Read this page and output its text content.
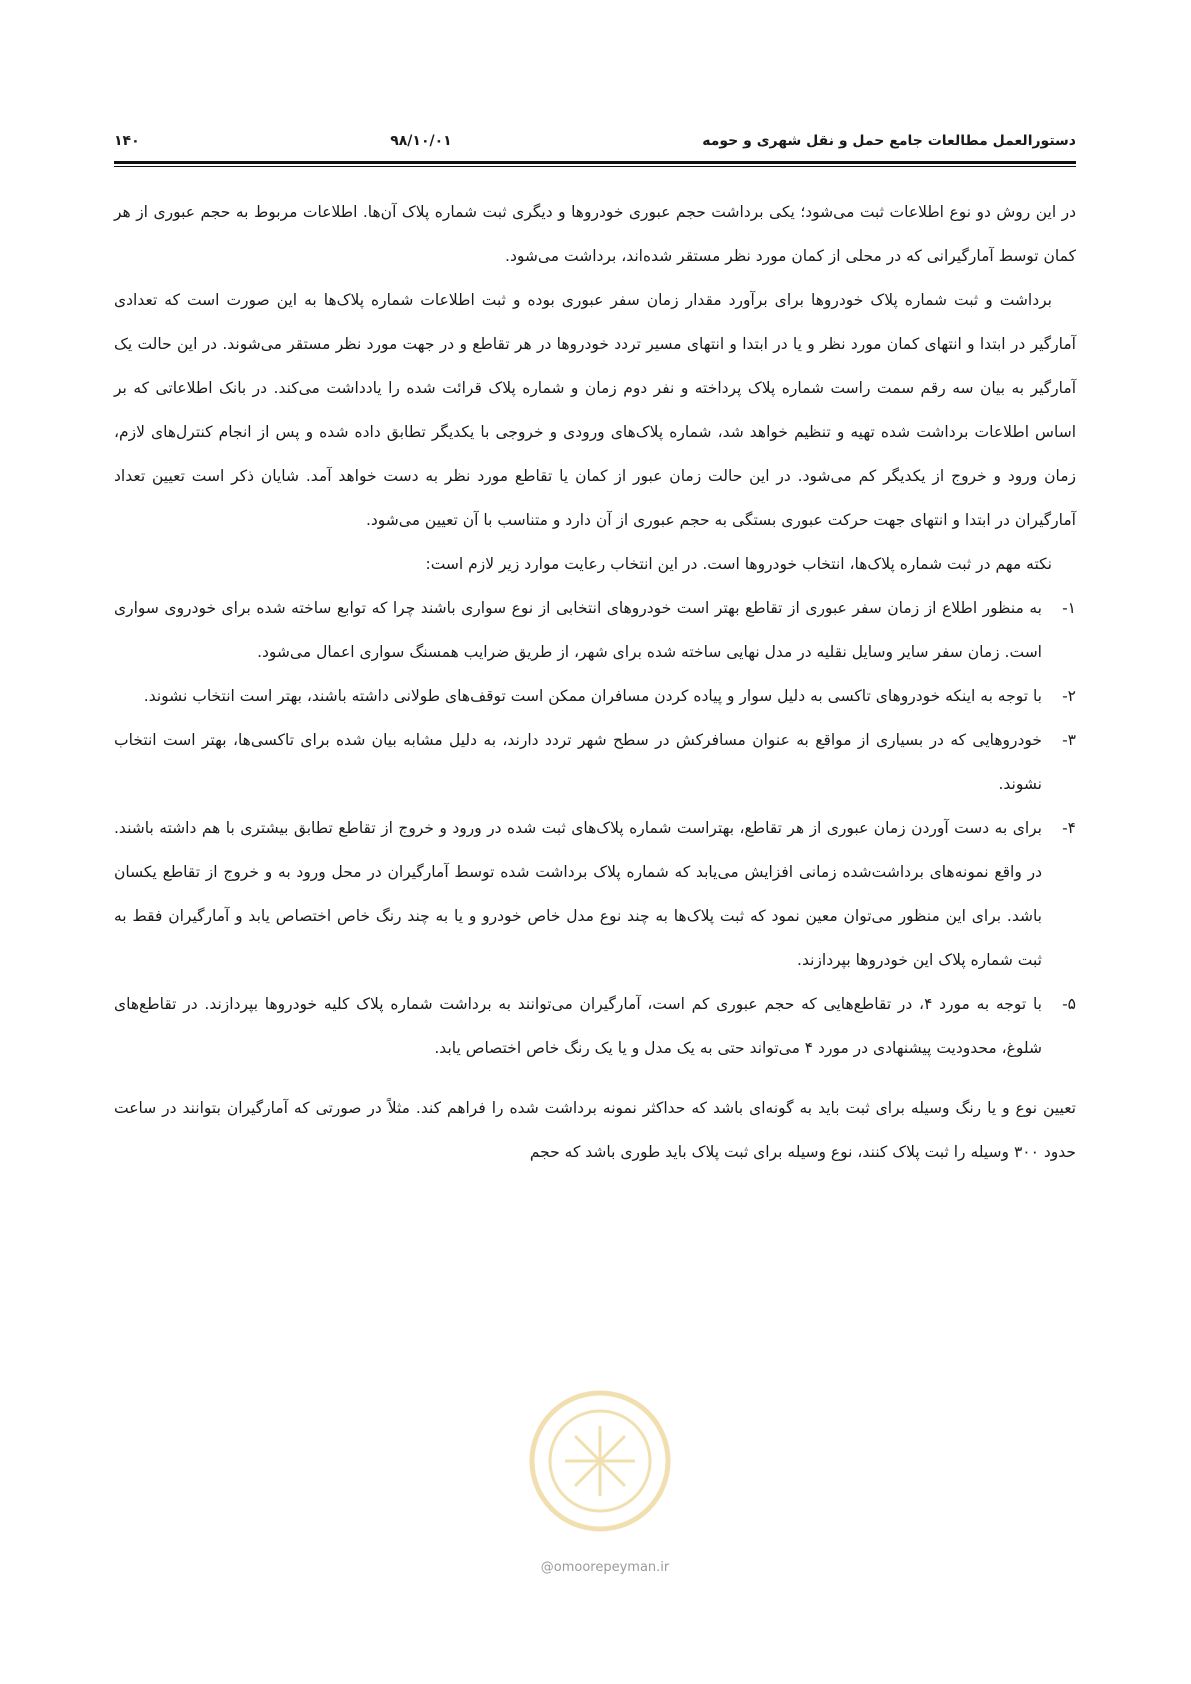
دستورالعمل مطالعات جامع حمل و نقل شهری و حومه
۹۸/۱۰/۰۱
۱۴۰

در این روش دو نوع اطلاعات ثبت می‌شود؛ یکی برداشت حجم عبوری خودروها و دیگری ثبت شماره پلاک آن‌ها. اطلاعات مربوط به حجم عبوری از هر کمان توسط آمارگیرانی که در محلی از کمان مورد نظر مستقر شده‌اند، برداشت می‌شود.

برداشت و ثبت شماره پلاک خودروها برای برآورد مقدار زمان سفر عبوری بوده و ثبت اطلاعات شماره پلاک‌ها به این صورت است که تعدادی آمارگیر در ابتدا و انتهای کمان مورد نظر و یا در ابتدا و انتهای مسیر تردد خودروها در هر تقاطع و در جهت مورد نظر مستقر می‌شوند. در این حالت یک آمارگیر به بیان سه رقم سمت راست شماره پلاک پرداخته و نفر دوم زمان و شماره پلاک قرائت شده را یادداشت می‌کند. در بانک اطلاعاتی که بر اساس اطلاعات برداشت شده تهیه و تنظیم خواهد شد، شماره پلاک‌های ورودی و خروجی با یکدیگر تطابق داده شده و پس از انجام کنترل‌های لازم، زمان ورود و خروج از یکدیگر کم می‌شود. در این حالت زمان عبور از کمان یا تقاطع مورد نظر به دست خواهد آمد. شایان ذکر است تعیین تعداد آمارگیران در ابتدا و انتهای جهت حرکت عبوری بستگی به حجم عبوری از آن دارد و متناسب با آن تعیین می‌شود.

نکته مهم در ثبت شماره پلاک‌ها، انتخاب خودروها است. در این انتخاب رعایت موارد زیر لازم است:

۱-
به منظور اطلاع از زمان سفر عبوری از تقاطع بهتر است خودروهای انتخابی از نوع سواری باشند چرا که توابع ساخته شده برای خودروی سواری است. زمان سفر سایر وسایل نقلیه در مدل نهایی ساخته شده برای شهر، از طریق ضرایب همسنگ سواری اعمال می‌شود.
۲-
با توجه به اینکه خودروهای تاکسی به دلیل سوار و پیاده کردن مسافران ممکن است توقف‌های طولانی داشته باشند، بهتر است انتخاب نشوند.
۳-
خودروهایی که در بسیاری از مواقع به عنوان مسافرکش در سطح شهر تردد دارند، به دلیل مشابه بیان شده برای تاکسی‌ها، بهتر است انتخاب نشوند.
۴-
برای به دست آوردن زمان عبوری از هر تقاطع، بهتراست شماره پلاک‌های ثبت شده در ورود و خروج از تقاطع تطابق بیشتری با هم داشته باشند. در واقع نمونه‌های برداشت‌شده زمانی افزایش می‌یابد که شماره پلاک برداشت شده توسط آمارگیران در محل ورود به و خروج از تقاطع یکسان باشد. برای این منظور می‌توان معین نمود که ثبت پلاک‌ها به چند نوع مدل خاص خودرو و یا به چند رنگ خاص اختصاص یابد و آمارگیران فقط به ثبت شماره پلاک این خودروها بپردازند.
۵-
با توجه به مورد ۴، در تقاطع‌هایی که حجم عبوری کم است، آمارگیران می‌توانند به برداشت شماره پلاک کلیه خودروها بپردازند. در تقاطع‌های شلوغ، محدودیت پیشنهادی در مورد ۴ می‌تواند حتی به یک مدل و یا یک رنگ خاص اختصاص یابد.

تعیین نوع و یا رنگ وسیله برای ثبت باید به گونه‌ای باشد که حداکثر نمونه برداشت شده را فراهم کند. مثلاً در صورتی که آمارگیران بتوانند در ساعت حدود ۳۰۰ وسیله را ثبت پلاک کنند، نوع وسیله برای ثبت پلاک باید طوری باشد که حجم

@omoorepeyman.ir
